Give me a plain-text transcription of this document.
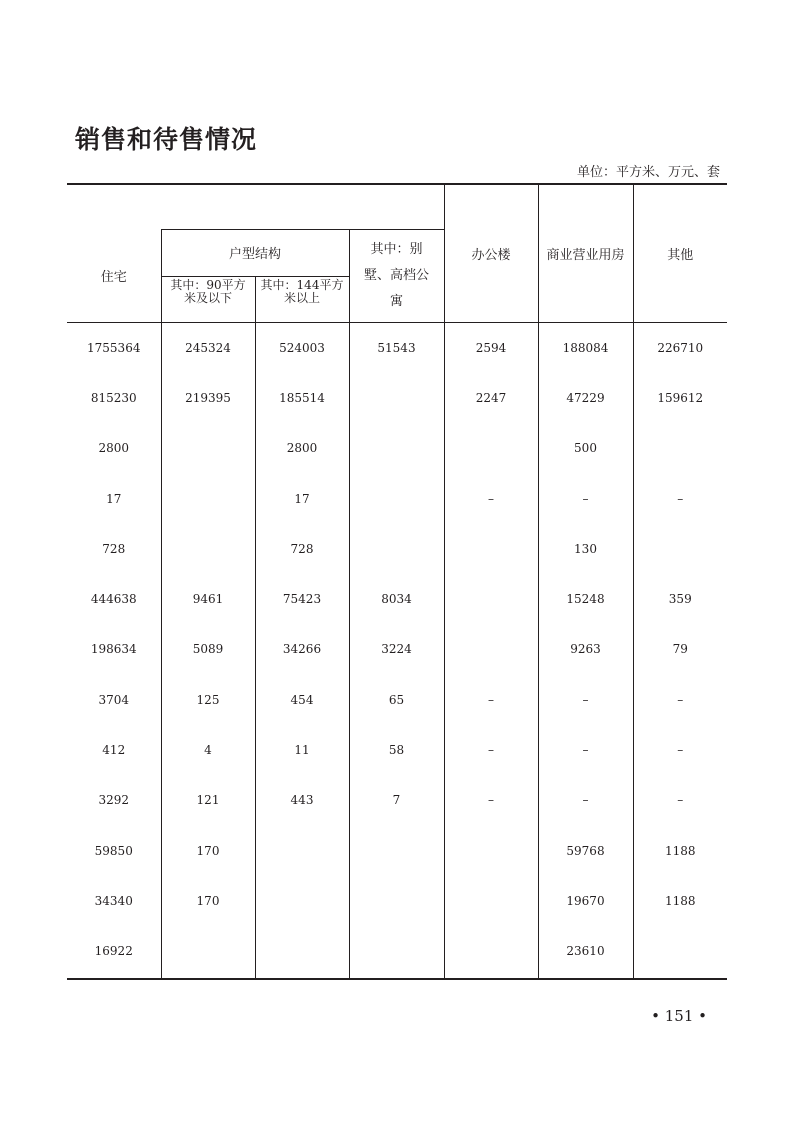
销售和待售情况
单位：平方米、万元、套
				办公楼	商业营业用房	其他
住宅	户型结构		其中：别墅、高档公寓			
	其中：90平方米及以下	其中：144平方米以上				
1755364	245324	524003	51543	2594	188084	226710
815230	219395	185514		2247	47229	159612
2800		2800			500	
17		17		–	–	–
728		728			130	
444638	9461	75423	8034		15248	359
198634	5089	34266	3224		9263	79
3704	125	454	65	–	–	–
412	4	11	58	–	–	–
3292	121	443	7	–	–	–
59850	170				59768	1188
34340	170				19670	1188
16922					23610	
• 151 •
